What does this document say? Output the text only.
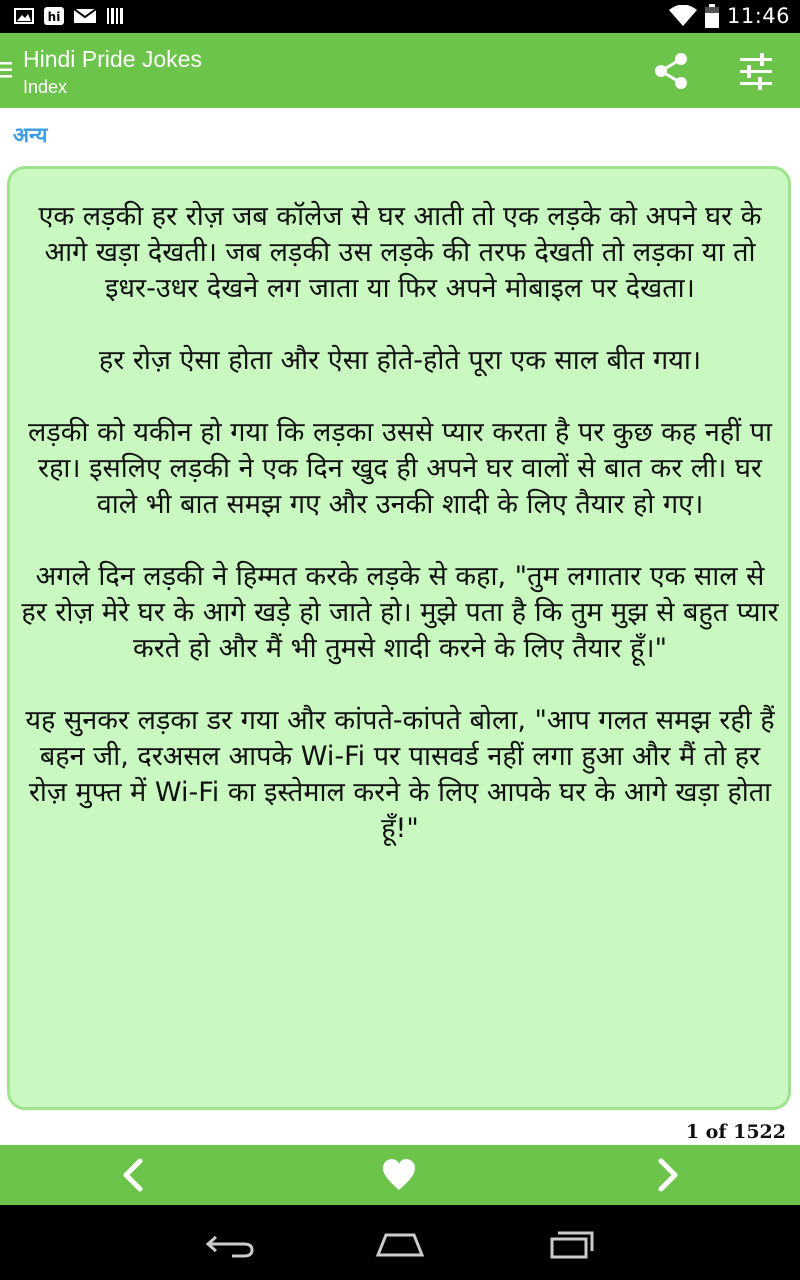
hi	11:46
Hindi Pride Jokes
Index
अन्य
एक लड़की हर रोज़ जब कॉलेज से घर आती तो एक लड़के को अपने घर के आगे खड़ा देखती। जब लड़की उस लड़के की तरफ देखती तो लड़का या तो इधर-उधर देखने लग जाता या फिर अपने मोबाइल पर देखता।

हर रोज़ ऐसा होता और ऐसा होते-होते पूरा एक साल बीत गया।

लड़की को यकीन हो गया कि लड़का उससे प्यार करता है पर कुछ कह नहीं पा रहा। इसलिए लड़की ने एक दिन खुद ही अपने घर वालों से बात कर ली। घर वाले भी बात समझ गए और उनकी शादी के लिए तैयार हो गए।

अगले दिन लड़की ने हिम्मत करके लड़के से कहा, "तुम लगातार एक साल से हर रोज़ मेरे घर के आगे खड़े हो जाते हो। मुझे पता है कि तुम मुझ से बहुत प्यार करते हो और मैं भी तुमसे शादी करने के लिए तैयार हूँ।"

यह सुनकर लड़का डर गया और कांपते-कांपते बोला, "आप गलत समझ रही हैं बहन जी, दरअसल आपके Wi-Fi पर पासवर्ड नहीं लगा हुआ और मैं तो हर रोज़ मुफ्त में Wi-Fi का इस्तेमाल करने के लिए आपके घर के आगे खड़ा होता हूँ!"
1 of 1522
